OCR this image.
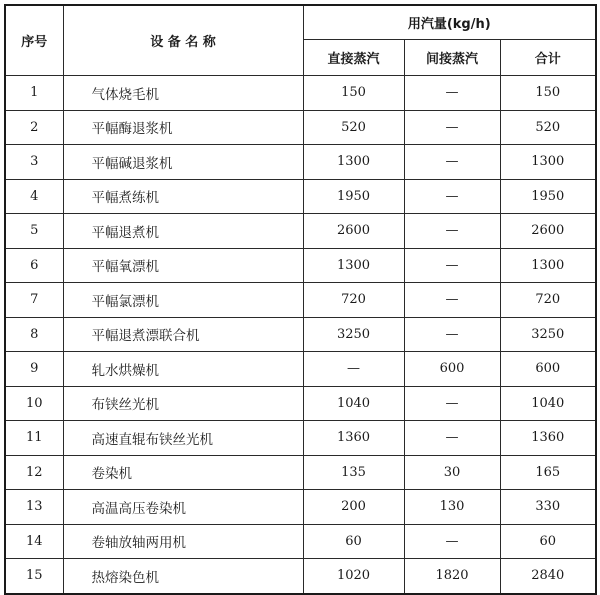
序号	设 备 名 称	用汽量(kg/h)		
		直接蒸汽	间接蒸汽	合计
1	气体烧毛机	150	—	150
2	平幅酶退浆机	520	—	520
3	平幅碱退浆机	1300	—	1300
4	平幅煮练机	1950	—	1950
5	平幅退煮机	2600	—	2600
6	平幅氧漂机	1300	—	1300
7	平幅氯漂机	720	—	720
8	平幅退煮漂联合机	3250	—	3250
9	轧水烘燥机	—	600	600
10	布铗丝光机	1040	—	1040
11	高速直辊布铗丝光机	1360	—	1360
12	卷染机	135	30	165
13	高温高压卷染机	200	130	330
14	卷轴放轴两用机	60	—	60
15	热熔染色机	1020	1820	2840
